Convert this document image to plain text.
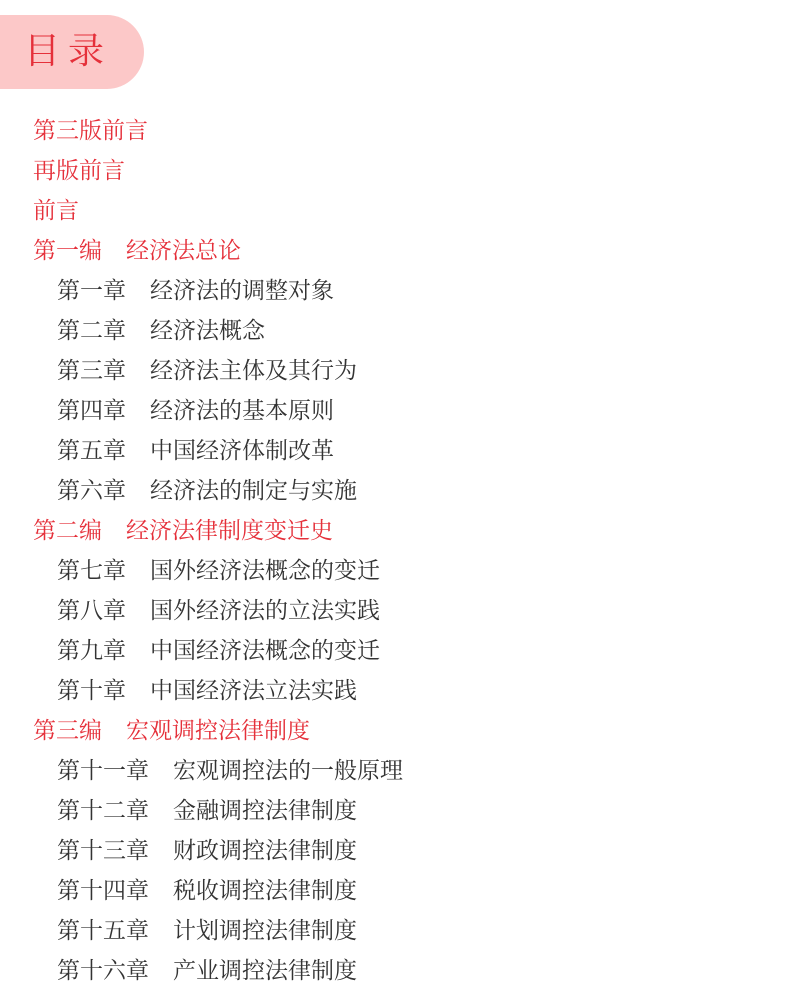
目录
第三版前言
再版前言
前言
第一编 经济法总论
第一章 经济法的调整对象
第二章 经济法概念
第三章 经济法主体及其行为
第四章 经济法的基本原则
第五章 中国经济体制改革
第六章 经济法的制定与实施
第二编 经济法律制度变迁史
第七章 国外经济法概念的变迁
第八章 国外经济法的立法实践
第九章 中国经济法概念的变迁
第十章 中国经济法立法实践
第三编 宏观调控法律制度
第十一章 宏观调控法的一般原理
第十二章 金融调控法律制度
第十三章 财政调控法律制度
第十四章 税收调控法律制度
第十五章 计划调控法律制度
第十六章 产业调控法律制度
